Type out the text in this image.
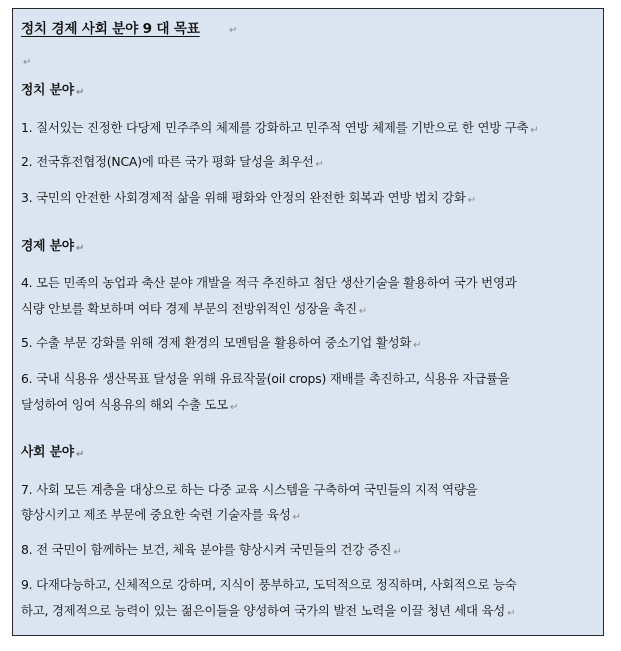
정치 경제 사회 분야 9 대 목표	↵
↵
정치 분야 ↵
1. 질서있는 진정한 다당제 민주주의 체제를 강화하고 민주적 연방 체제를 기반으로 한 연방 구축 ↵
2. 전국휴전협정(NCA)에 따른 국가 평화 달성을 최우선 ↵
3. 국민의 안전한 사회경제적 삶을 위해 평화와 안정의 완전한 회복과 연방 법치 강화 ↵
경제 분야 ↵
4. 모든 민족의 농업과 축산 분야 개발을 적극 추진하고 첨단 생산기술을 활용하여 국가 번영과
식량 안보를 확보하며 여타 경제 부문의 전방위적인 성장을 촉진 ↵
5. 수출 부문 강화를 위해 경제 환경의 모멘텀을 활용하여 중소기업 활성화 ↵
6. 국내 식용유 생산목표 달성을 위해 유료작물(oil crops) 재배를 촉진하고, 식용유 자급률을
달성하여 잉여 식용유의 해외 수출 도모 ↵
사회 분야 ↵
7. 사회 모든 계층을 대상으로 하는 다중 교육 시스템을 구축하여 국민들의 지적 역량을
향상시키고 제조 부문에 중요한 숙련 기술자를 육성 ↵
8. 전 국민이 함께하는 보건, 체육 분야를 향상시켜 국민들의 건강 증진 ↵
9. 다재다능하고, 신체적으로 강하며, 지식이 풍부하고, 도덕적으로 정직하며, 사회적으로 능숙
하고, 경제적으로 능력이 있는 젊은이들을 양성하여 국가의 발전 노력을 이끌 청년 세대 육성 ↵
